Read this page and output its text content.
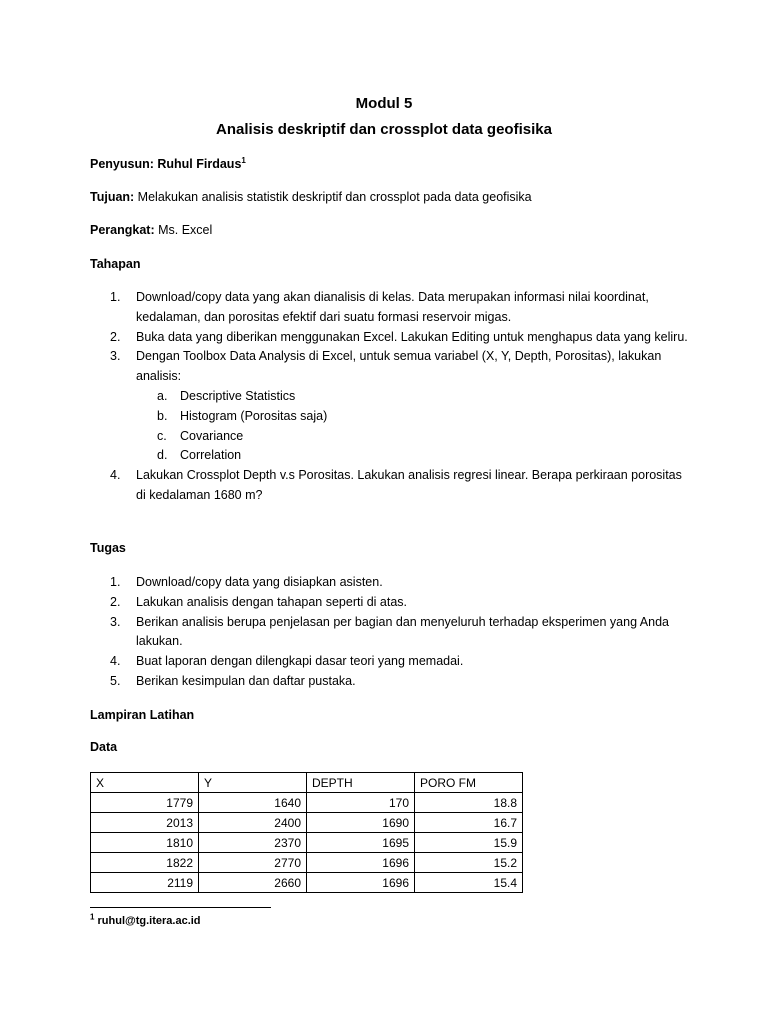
Modul 5
Analisis deskriptif dan crossplot data geofisika
Penyusun: Ruhul Firdaus$^1$
Tujuan: Melakukan analisis statistik deskriptif dan crossplot pada data geofisika
Perangkat: Ms. Excel
Tahapan
1. Download/copy data yang akan dianalisis di kelas. Data merupakan informasi nilai koordinat, kedalaman, dan porositas efektif dari suatu formasi reservoir migas.
2. Buka data yang diberikan menggunakan Excel. Lakukan Editing untuk menghapus data yang keliru.
3. Dengan Toolbox Data Analysis di Excel, untuk semua variabel (X, Y, Depth, Porositas), lakukan analisis:
a. Descriptive Statistics
b. Histogram (Porositas saja)
c. Covariance
d. Correlation
4. Lakukan Crossplot Depth v.s Porositas. Lakukan analisis regresi linear. Berapa perkiraan porositas di kedalaman 1680 m?
Tugas
1. Download/copy data yang disiapkan asisten.
2. Lakukan analisis dengan tahapan seperti di atas.
3. Berikan analisis berupa penjelasan per bagian dan menyeluruh terhadap eksperimen yang Anda lakukan.
4. Buat laporan dengan dilengkapi dasar teori yang memadai.
5. Berikan kesimpulan dan daftar pustaka.
Lampiran Latihan
Data
X	Y	DEPTH	PORO FM
1779	1640	170	18.8
2013	2400	1690	16.7
1810	2370	1695	15.9
1822	2770	1696	15.2
2119	2660	1696	15.4
$^1$ ruhul@tg.itera.ac.id
